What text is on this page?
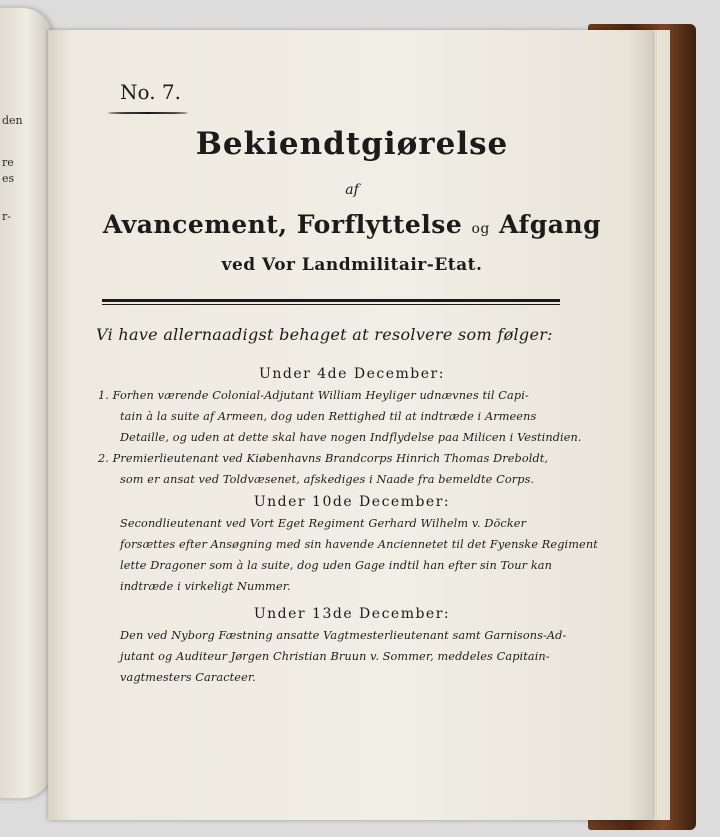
den
re
es
r-
No. 7.
Bekiendtgiørelse
af
Avancement, Forflyttelse og Afgang
ved Vor Landmilitair-Etat.
Vi have allernaadigst behaget at resolvere som følger:
Under 4de December:
1. Forhen værende Colonial-Adjutant William Heyliger udnævnes til Capi-
tain à la suite af Armeen, dog uden Rettighed til at indtræde i Armeens
Detaille, og uden at dette skal have nogen Indflydelse paa Milicen i Vestindien.
2. Premierlieutenant ved Kiøbenhavns Brandcorps Hinrich Thomas Dreboldt,
som er ansat ved Toldvæsenet, afskediges i Naade fra bemeldte Corps.
Under 10de December:
Secondlieutenant ved Vort Eget Regiment Gerhard Wilhelm v. Döcker
forsættes efter Ansøgning med sin havende Anciennetet til det Fyenske Regiment
lette Dragoner som à la suite, dog uden Gage indtil han efter sin Tour kan
indtræde i virkeligt Nummer.
Under 13de December:
Den ved Nyborg Fæstning ansatte Vagtmesterlieutenant samt Garnisons-Ad-
jutant og Auditeur Jørgen Christian Bruun v. Sommer, meddeles Capitain-
vagtmesters Caracteer.
